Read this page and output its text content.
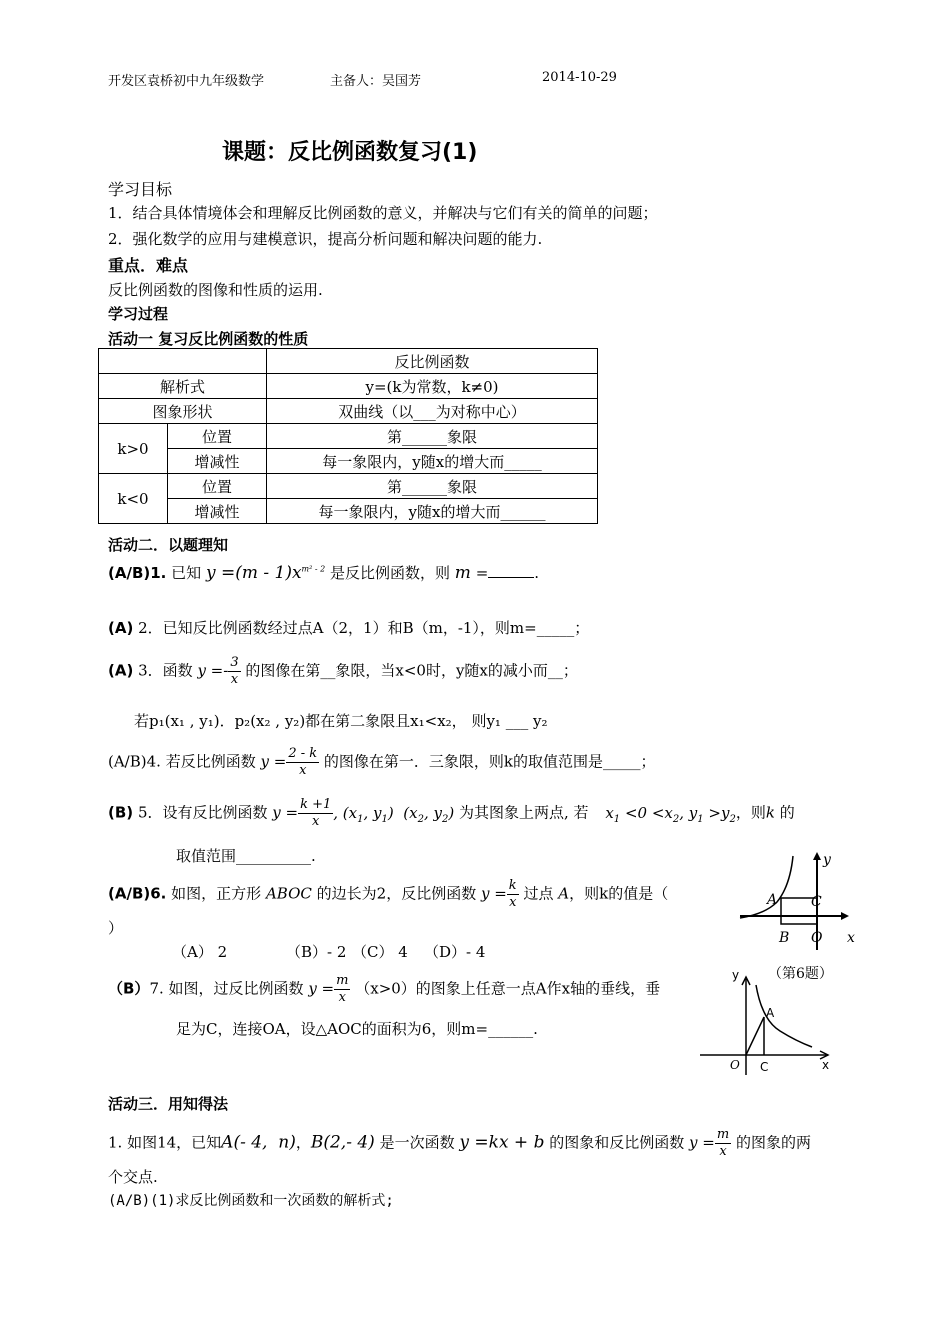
开发区袁桥初中九年级数学	主备人：吴国芳	2014-10-29
课题：反比例函数复习(1)
学习目标
1．结合具体情境体会和理解反比例函数的意义，并解决与它们有关的简单的问题；
2．强化数学的应用与建模意识，提高分析问题和解决问题的能力.
重点．难点
反比例函数的图像和性质的运用.
学习过程
活动一 复习反比例函数的性质
		反比例函数
解析式		y=(k为常数，k≠0)
图象形状		双曲线（以___为对称中心）
k>0	位置	第______象限
	增减性	每一象限内，y随x的增大而_____
k<0	位置	第______象限
	增减性	每一象限内，y随x的增大而______
活动二．以题理知
(A/B)1. 已知 $y =(m - 1)x^{m^2 - 2}$ 是反比例函数，则 m =	.
(A) 2．已知反比例函数经过点A（2，1）和B（m，-1），则m=_____；
(A) 3．函数 $y =- \frac{3}{x}$ 的图像在第__象限，当x<0时，y随x的减小而__；
若p₁(x₁ , y₁)．p₂(x₂ , y₂)都在第二象限且x₁<x₂， 则y₁ ___ y₂
(A/B)4. 若反比例函数 $y = \frac{2 - k}{x}$ 的图像在第一．三象限，则k的取值范围是_____；
(B) 5．设有反比例函数 $y = \frac{k +1}{x}$ , ($x_1$, $y_1$)  ($x_2$, $y_2$) 为其图象上两点, 若 $x_1 <0 <x_2$, $y_1 >y_2$，则k 的
取值范围__________.
(A/B)6. 如图，正方形 ABOC 的边长为2，反比例函数 $y = \frac{k}{x}$ 过点 A，则k的值是（
）
（A） 2	（B）- 2 （C） 4 （D）- 4
y
A C
B O x
（第6题）
（B）7. 如图，过反比例函数 $y = \frac{m}{x} (x>0)$的图象上任意一点A作x轴的垂线，垂
足为C，连接OA，设△AOC的面积为6，则m=______.
y
A
O C	x
活动三．用知得法
1. 如图14，已知A(- 4,  n)，B(2,- 4) 是一次函数 y =kx + b 的图象和反比例函数 $y = \frac{m}{x}$ 的图象的两
个交点.
(A/B)(1)求反比例函数和一次函数的解析式;
